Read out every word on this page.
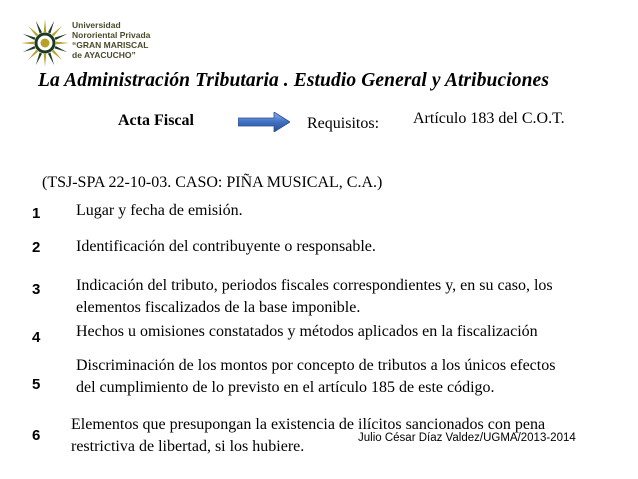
Universidad
Nororiental Privada
“GRAN MARISCAL
de AYACUCHO”
La Administración Tributaria . Estudio General y Atribuciones
Acta Fiscal	Requisitos: Artículo 183 del C.O.T.
(TSJ-SPA 22-10-03. CASO: PIÑA MUSICAL, C.A.)
1 Lugar y fecha de emisión.
2 Identificación del contribuyente o responsable.
3 Indicación del tributo, periodos fiscales correspondientes y, en su caso, los
elementos fiscalizados de la base imponible.
4 Hechos u omisiones constatados y métodos aplicados en la fiscalización
5
Discriminación de los montos por concepto de tributos a los únicos efectos
del cumplimiento de lo previsto en el artículo 185 de este código.
6
Elementos que presupongan la existencia de ilícitos sancionados con pena
restrictiva de libertad, si los hubiere.	Julio César Díaz Valdez/UGMA/2013-2014
